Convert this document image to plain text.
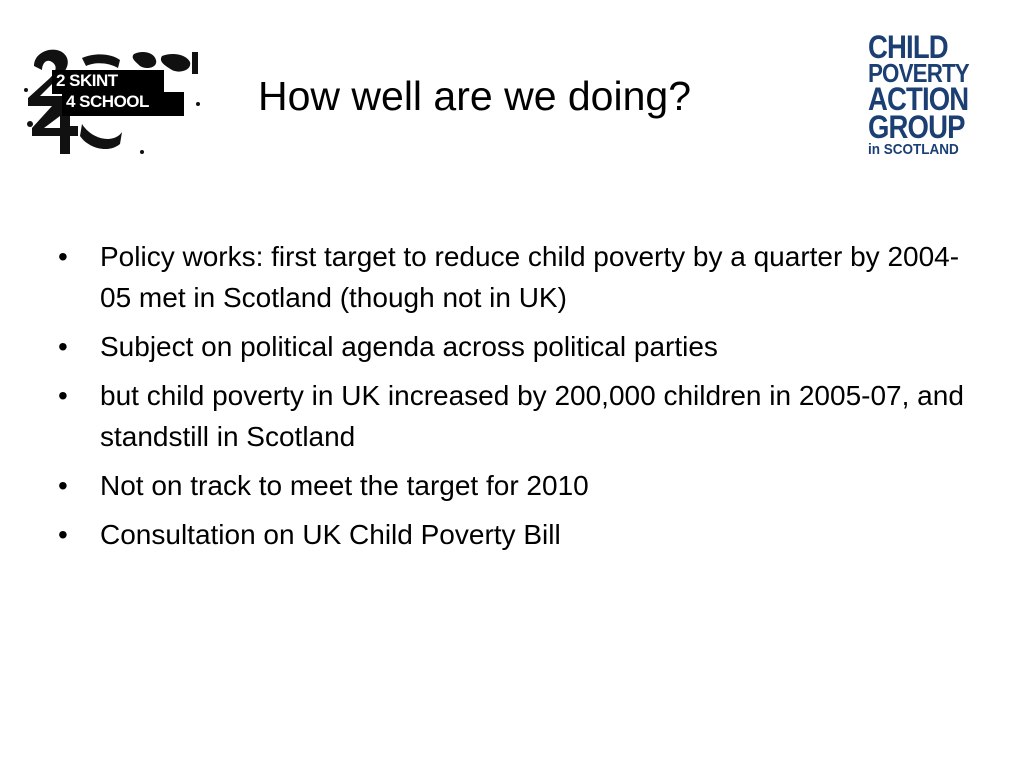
2 SKINT
4 SCHOOL	How well are we doing?
CHILD
POVERTY
ACTION
GROUP
in SCOTLAND
• Policy works: first target to reduce child poverty by a quarter by 2004-05 met in Scotland (though not in UK)
• Subject on political agenda across political parties
• but child poverty in UK increased by 200,000 children in 2005-07, and standstill in Scotland
• Not on track to meet the target for 2010
• Consultation on UK Child Poverty Bill
